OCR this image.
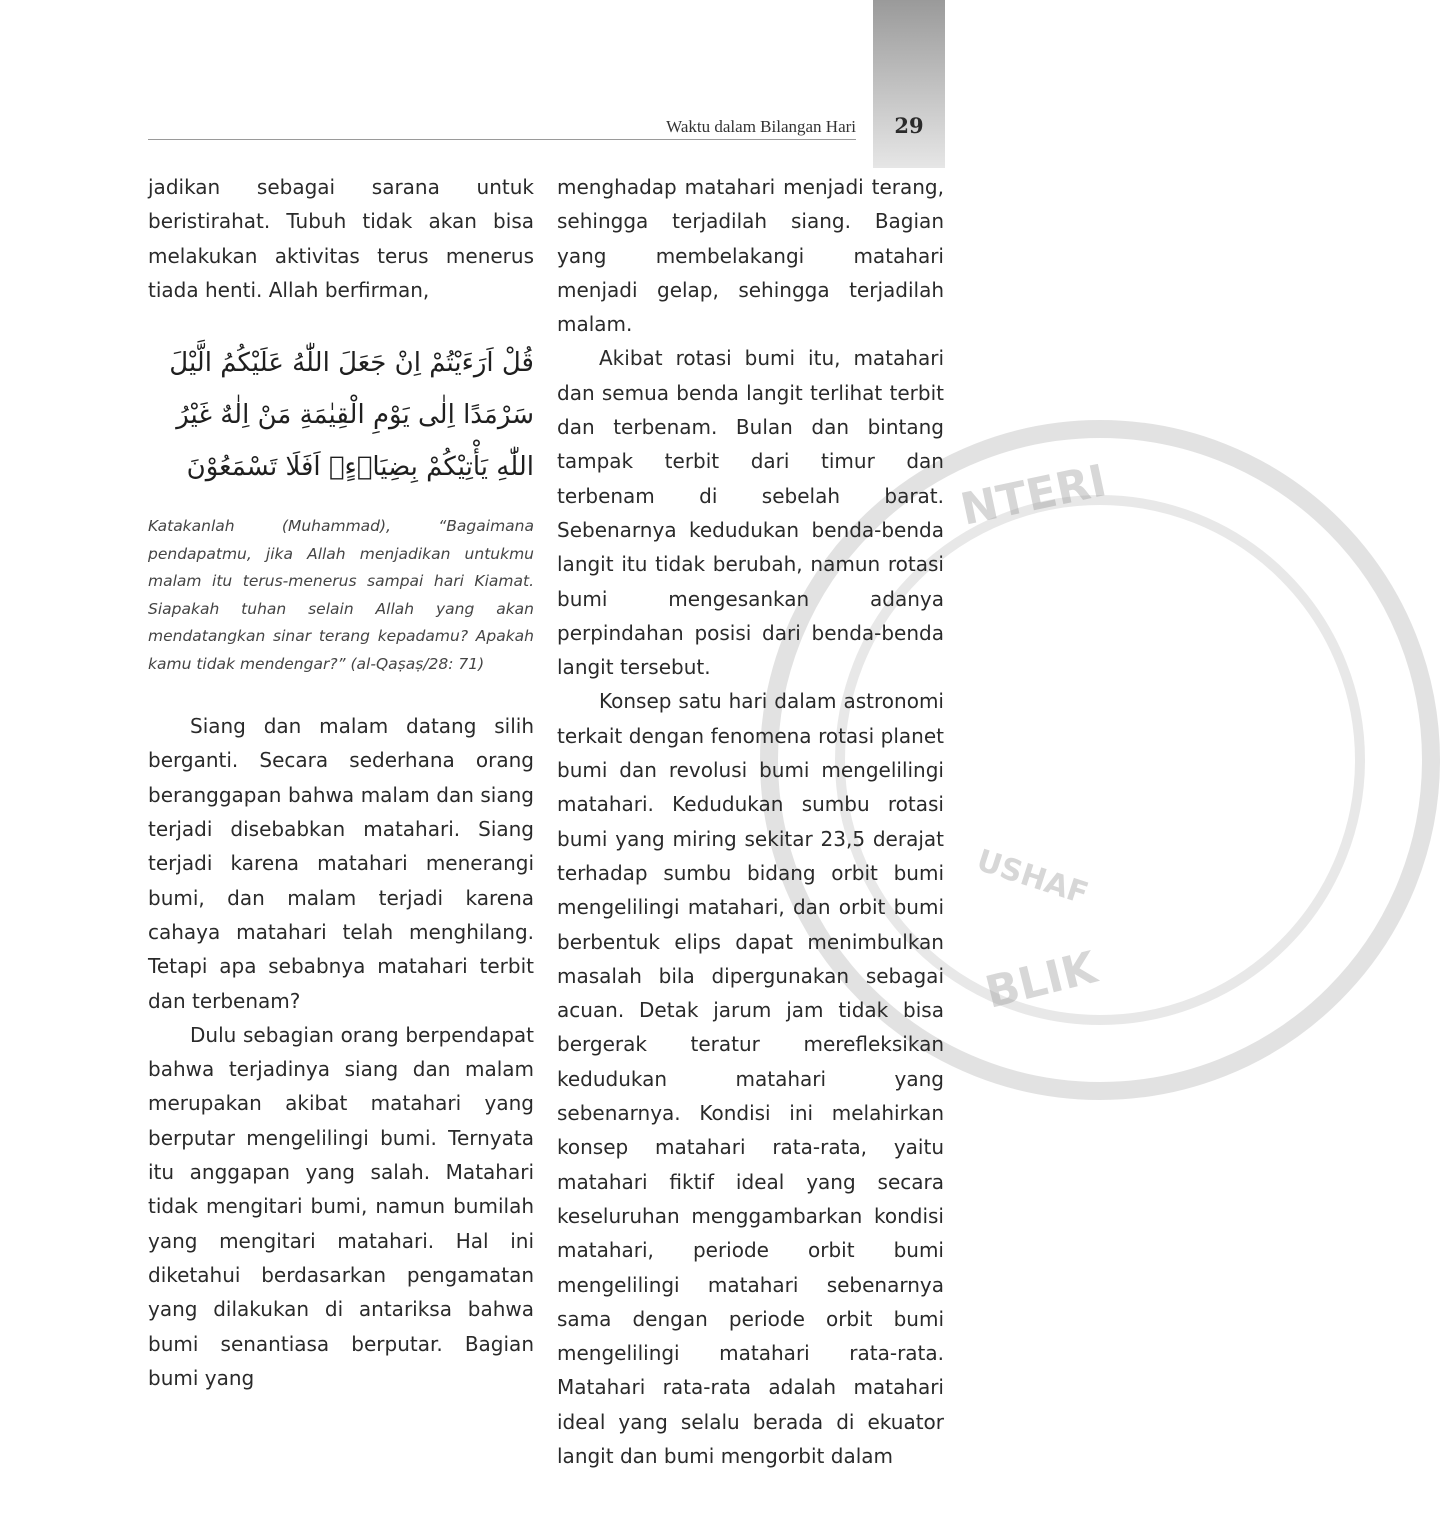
29
Waktu dalam Bilangan Hari
NTERI
USHAF
BLIK

jadikan sebagai sarana untuk beristirahat. Tubuh tidak akan bisa melakukan aktivitas terus menerus tiada henti. Allah berfirman,

قُلْ اَرَءَيْتُمْ اِنْ جَعَلَ اللّٰهُ عَلَيْكُمُ الَّيْلَ سَرْمَدًا اِلٰى يَوْمِ الْقِيٰمَةِ مَنْ اِلٰهٌ غَيْرُ اللّٰهِ يَأْتِيْكُمْ بِضِيَاۤءٍۗ اَفَلَا تَسْمَعُوْنَ
Katakanlah (Muhammad), “Bagaimana pendapatmu, jika Allah menjadikan untukmu malam itu terus-menerus sampai hari Kiamat. Siapakah tuhan selain Allah yang akan mendatangkan sinar terang kepadamu? Apakah kamu tidak mendengar?” (al-Qaṣaṣ/28: 71)

Siang dan malam datang silih berganti. Secara sederhana orang beranggapan bahwa malam dan siang terjadi disebabkan matahari. Siang terjadi karena matahari menerangi bumi, dan malam terjadi karena cahaya matahari telah menghilang. Tetapi apa sebabnya matahari terbit dan terbenam?

Dulu sebagian orang berpendapat bahwa terjadinya siang dan malam merupakan akibat matahari yang berputar mengelilingi bumi. Ternyata itu anggapan yang salah. Matahari tidak mengitari bumi, namun bumilah yang mengitari matahari. Hal ini diketahui berdasarkan pengamatan yang dilakukan di antariksa bahwa bumi senantiasa berputar. Bagian bumi yang

menghadap matahari menjadi terang, sehingga terjadilah siang. Bagian yang membelakangi matahari menjadi gelap, sehingga terjadilah malam.

Akibat rotasi bumi itu, matahari dan semua benda langit terlihat terbit dan terbenam. Bulan dan bintang tampak terbit dari timur dan terbenam di sebelah barat. Sebenarnya kedudukan benda-benda langit itu tidak berubah, namun rotasi bumi mengesankan adanya perpindahan posisi dari benda-benda langit tersebut.

Konsep satu hari dalam astronomi terkait dengan fenomena rotasi planet bumi dan revolusi bumi mengelilingi matahari. Kedudukan sumbu rotasi bumi yang miring sekitar 23,5 derajat terhadap sumbu bidang orbit bumi mengelilingi matahari, dan orbit bumi berbentuk elips dapat menimbulkan masalah bila dipergunakan sebagai acuan. Detak jarum jam tidak bisa bergerak teratur merefleksikan kedudukan matahari yang sebenarnya. Kondisi ini melahirkan konsep matahari rata-rata, yaitu matahari fiktif ideal yang secara keseluruhan menggambarkan kondisi matahari, periode orbit bumi mengelilingi matahari sebenarnya sama dengan periode orbit bumi mengelilingi matahari rata-rata. Matahari rata-rata adalah matahari ideal yang selalu berada di ekuator langit dan bumi mengorbit dalam
